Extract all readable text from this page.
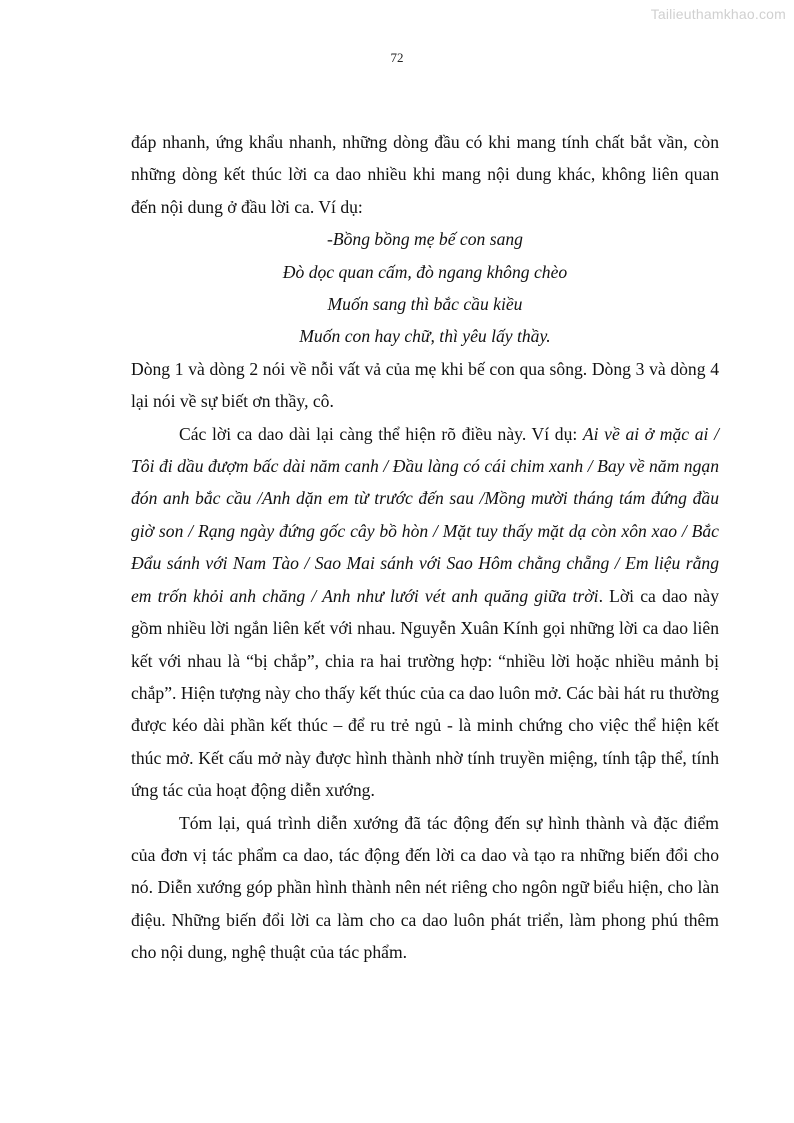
Tailieuthamkhao.com
72

đáp nhanh, ứng khẩu nhanh, những dòng đầu có khi mang tính chất bắt vần, còn những dòng kết thúc lời ca dao nhiều khi mang nội dung khác, không liên quan đến nội dung ở đầu lời ca. Ví dụ:

-Bồng bồng mẹ bế con sang
Đò dọc quan cấm, đò ngang không chèo
Muốn sang thì bắc cầu kiều
Muốn con hay chữ, thì yêu lấy thầy.

Dòng 1 và dòng 2 nói về nỗi vất vả của mẹ khi bế con qua sông. Dòng 3 và dòng 4 lại nói về sự biết ơn thầy, cô.

Các lời ca dao dài lại càng thể hiện rõ điều này. Ví dụ: Ai về ai ở mặc ai / Tôi đi dầu đượm bấc dài năm canh / Đầu làng có cái chim xanh / Bay về năm ngạn đón anh bắc cầu /Anh dặn em từ trước đến sau /Mồng mười tháng tám đứng đầu giờ son / Rạng ngày đứng gốc cây bồ hòn / Mặt tuy thấy mặt dạ còn xôn xao / Bắc Đẩu sánh với Nam Tào / Sao Mai sánh với Sao Hôm chằng chẵng / Em liệu rằng em trốn khỏi anh chăng / Anh như lưới vét anh quăng giữa trời. Lời ca dao này gồm nhiều lời ngắn liên kết với nhau. Nguyễn Xuân Kính gọi những lời ca dao liên kết với nhau là “bị chắp”, chia ra hai trường hợp: “nhiều lời hoặc nhiều mảnh bị chắp”. Hiện tượng này cho thấy kết thúc của ca dao luôn mở. Các bài hát ru thường được kéo dài phần kết thúc – để ru trẻ ngủ - là minh chứng cho việc thể hiện kết thúc mở. Kết cấu mở này được hình thành nhờ tính truyền miệng, tính tập thể, tính ứng tác của hoạt động diễn xướng.

Tóm lại, quá trình diễn xướng đã tác động đến sự hình thành và đặc điểm của đơn vị tác phẩm ca dao, tác động đến lời ca dao và tạo ra những biến đổi cho nó. Diễn xướng góp phần hình thành nên nét riêng cho ngôn ngữ biểu hiện, cho làn điệu. Những biến đổi lời ca làm cho ca dao luôn phát triển, làm phong phú thêm cho nội dung, nghệ thuật của tác phẩm.
